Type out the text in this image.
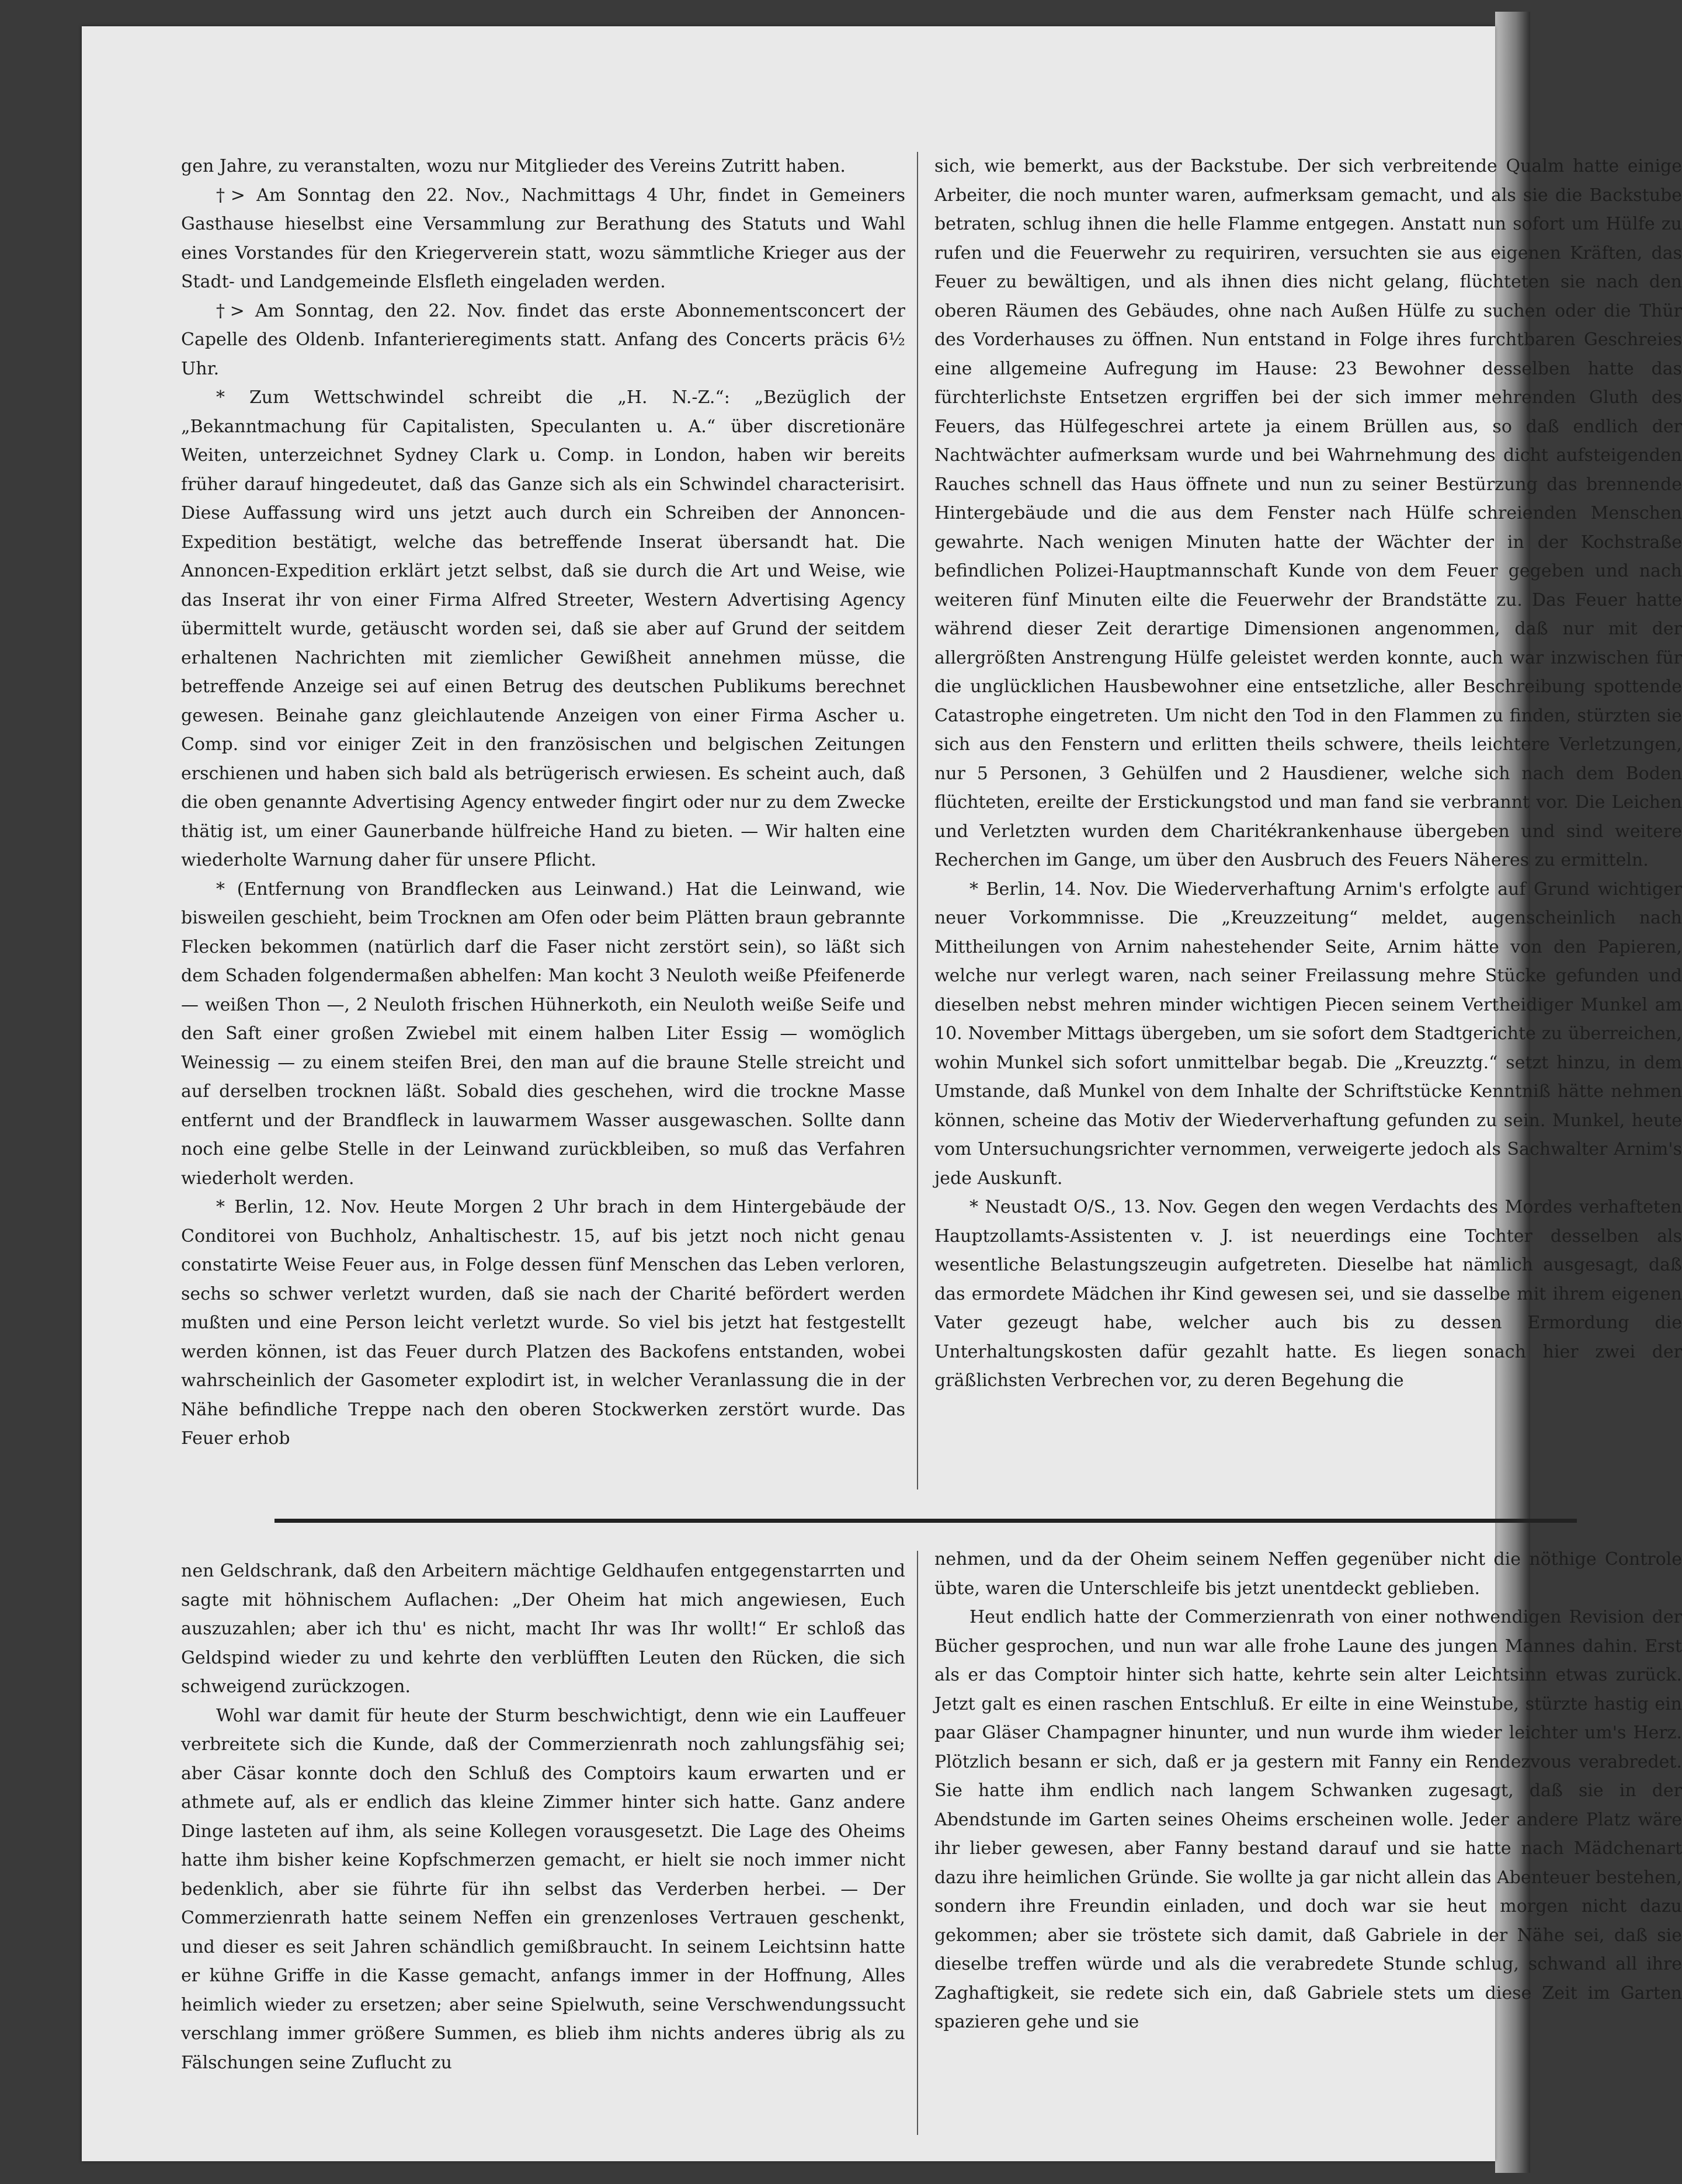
gen Jahre, zu veranstalten, wozu nur Mitglieder des Vereins Zutritt haben.

†> Am Sonntag den 22. Nov., Nachmittags 4 Uhr, findet in Gemeiners Gasthause hieselbst eine Versammlung zur Berathung des Statuts und Wahl eines Vorstandes für den Kriegerverein statt, wozu sämmtliche Krieger aus der Stadt- und Landgemeinde Elsfleth eingeladen werden.

†> Am Sonntag, den 22. Nov. findet das erste Abonnementsconcert der Capelle des Oldenb. Infanterieregiments statt. Anfang des Concerts präcis 6½ Uhr.

* Zum Wettschwindel schreibt die „H. N.-Z.“: „Bezüglich der „Bekanntmachung für Capitalisten, Speculanten u. A.“ über discretionäre Weiten, unterzeichnet Sydney Clark u. Comp. in London, haben wir bereits früher darauf hingedeutet, daß das Ganze sich als ein Schwindel characterisirt. Diese Auffassung wird uns jetzt auch durch ein Schreiben der Annoncen-Expedition bestätigt, welche das betreffende Inserat übersandt hat. Die Annoncen-Expedition erklärt jetzt selbst, daß sie durch die Art und Weise, wie das Inserat ihr von einer Firma Alfred Streeter, Western Advertising Agency übermittelt wurde, getäuscht worden sei, daß sie aber auf Grund der seitdem erhaltenen Nachrichten mit ziemlicher Gewißheit annehmen müsse, die betreffende Anzeige sei auf einen Betrug des deutschen Publikums berechnet gewesen. Beinahe ganz gleichlautende Anzeigen von einer Firma Ascher u. Comp. sind vor einiger Zeit in den französischen und belgischen Zeitungen erschienen und haben sich bald als betrügerisch erwiesen. Es scheint auch, daß die oben genannte Advertising Agency entweder fingirt oder nur zu dem Zwecke thätig ist, um einer Gaunerbande hülfreiche Hand zu bieten. — Wir halten eine wiederholte Warnung daher für unsere Pflicht.

* (Entfernung von Brandflecken aus Leinwand.) Hat die Leinwand, wie bisweilen geschieht, beim Trocknen am Ofen oder beim Plätten braun gebrannte Flecken bekommen (natürlich darf die Faser nicht zerstört sein), so läßt sich dem Schaden folgendermaßen abhelfen: Man kocht 3 Neuloth weiße Pfeifenerde — weißen Thon —, 2 Neuloth frischen Hühnerkoth, ein Neuloth weiße Seife und den Saft einer großen Zwiebel mit einem halben Liter Essig — womöglich Weinessig — zu einem steifen Brei, den man auf die braune Stelle streicht und auf derselben trocknen läßt. Sobald dies geschehen, wird die trockne Masse entfernt und der Brandfleck in lauwarmem Wasser ausgewaschen. Sollte dann noch eine gelbe Stelle in der Leinwand zurückbleiben, so muß das Verfahren wiederholt werden.

* Berlin, 12. Nov. Heute Morgen 2 Uhr brach in dem Hintergebäude der Conditorei von Buchholz, Anhaltischestr. 15, auf bis jetzt noch nicht genau constatirte Weise Feuer aus, in Folge dessen fünf Menschen das Leben verloren, sechs so schwer verletzt wurden, daß sie nach der Charité befördert werden mußten und eine Person leicht verletzt wurde. So viel bis jetzt hat festgestellt werden können, ist das Feuer durch Platzen des Backofens entstanden, wobei wahrscheinlich der Gasometer explodirt ist, in welcher Veranlassung die in der Nähe befindliche Treppe nach den oberen Stockwerken zerstört wurde. Das Feuer erhob

sich, wie bemerkt, aus der Backstube. Der sich verbreitende Qualm hatte einige Arbeiter, die noch munter waren, aufmerksam gemacht, und als sie die Backstube betraten, schlug ihnen die helle Flamme entgegen. Anstatt nun sofort um Hülfe zu rufen und die Feuerwehr zu requiriren, versuchten sie aus eigenen Kräften, das Feuer zu bewältigen, und als ihnen dies nicht gelang, flüchteten sie nach den oberen Räumen des Gebäudes, ohne nach Außen Hülfe zu suchen oder die Thür des Vorderhauses zu öffnen. Nun entstand in Folge ihres furchtbaren Geschreies eine allgemeine Aufregung im Hause: 23 Bewohner desselben hatte das fürchterlichste Entsetzen ergriffen bei der sich immer mehrenden Gluth des Feuers, das Hülfegeschrei artete ja einem Brüllen aus, so daß endlich der Nachtwächter aufmerksam wurde und bei Wahrnehmung des dicht aufsteigenden Rauches schnell das Haus öffnete und nun zu seiner Bestürzung das brennende Hintergebäude und die aus dem Fenster nach Hülfe schreienden Menschen gewahrte. Nach wenigen Minuten hatte der Wächter der in der Kochstraße befindlichen Polizei-Hauptmannschaft Kunde von dem Feuer gegeben und nach weiteren fünf Minuten eilte die Feuerwehr der Brandstätte zu. Das Feuer hatte während dieser Zeit derartige Dimensionen angenommen, daß nur mit der allergrößten Anstrengung Hülfe geleistet werden konnte, auch war inzwischen für die unglücklichen Hausbewohner eine entsetzliche, aller Beschreibung spottende Catastrophe eingetreten. Um nicht den Tod in den Flammen zu finden, stürzten sie sich aus den Fenstern und erlitten theils schwere, theils leichtere Verletzungen, nur 5 Personen, 3 Gehülfen und 2 Hausdiener, welche sich nach dem Boden flüchteten, ereilte der Erstickungstod und man fand sie verbrannt vor. Die Leichen und Verletzten wurden dem Charitékrankenhause übergeben und sind weitere Recherchen im Gange, um über den Ausbruch des Feuers Näheres zu ermitteln.

* Berlin, 14. Nov. Die Wiederverhaftung Arnim's erfolgte auf Grund wichtiger neuer Vorkommnisse. Die „Kreuzzeitung“ meldet, augenscheinlich nach Mittheilungen von Arnim nahestehender Seite, Arnim hätte von den Papieren, welche nur verlegt waren, nach seiner Freilassung mehre Stücke gefunden und dieselben nebst mehren minder wichtigen Piecen seinem Vertheidiger Munkel am 10. November Mittags übergeben, um sie sofort dem Stadtgerichte zu überreichen, wohin Munkel sich sofort unmittelbar begab. Die „Kreuzztg.“ setzt hinzu, in dem Umstande, daß Munkel von dem Inhalte der Schriftstücke Kenntniß hätte nehmen können, scheine das Motiv der Wiederverhaftung gefunden zu sein. Munkel, heute vom Untersuchungsrichter vernommen, verweigerte jedoch als Sachwalter Arnim's jede Auskunft.

* Neustadt O/S., 13. Nov. Gegen den wegen Verdachts des Mordes verhafteten Hauptzollamts-Assistenten v. J. ist neuerdings eine Tochter desselben als wesentliche Belastungszeugin aufgetreten. Dieselbe hat nämlich ausgesagt, daß das ermordete Mädchen ihr Kind gewesen sei, und sie dasselbe mit ihrem eigenen Vater gezeugt habe, welcher auch bis zu dessen Ermordung die Unterhaltungskosten dafür gezahlt hatte. Es liegen sonach hier zwei der gräßlichsten Verbrechen vor, zu deren Begehung die

nen Geldschrank, daß den Arbeitern mächtige Geldhaufen entgegenstarrten und sagte mit höhnischem Auflachen: „Der Oheim hat mich angewiesen, Euch auszuzahlen; aber ich thu' es nicht, macht Ihr was Ihr wollt!“ Er schloß das Geldspind wieder zu und kehrte den verblüfften Leuten den Rücken, die sich schweigend zurückzogen.

Wohl war damit für heute der Sturm beschwichtigt, denn wie ein Lauffeuer verbreitete sich die Kunde, daß der Commerzienrath noch zahlungsfähig sei; aber Cäsar konnte doch den Schluß des Comptoirs kaum erwarten und er athmete auf, als er endlich das kleine Zimmer hinter sich hatte. Ganz andere Dinge lasteten auf ihm, als seine Kollegen vorausgesetzt. Die Lage des Oheims hatte ihm bisher keine Kopfschmerzen gemacht, er hielt sie noch immer nicht bedenklich, aber sie führte für ihn selbst das Verderben herbei. — Der Commerzienrath hatte seinem Neffen ein grenzenloses Vertrauen geschenkt, und dieser es seit Jahren schändlich gemißbraucht. In seinem Leichtsinn hatte er kühne Griffe in die Kasse gemacht, anfangs immer in der Hoffnung, Alles heimlich wieder zu ersetzen; aber seine Spielwuth, seine Verschwendungssucht verschlang immer größere Summen, es blieb ihm nichts anderes übrig als zu Fälschungen seine Zuflucht zu

nehmen, und da der Oheim seinem Neffen gegenüber nicht die nöthige Controle übte, waren die Unterschleife bis jetzt unentdeckt geblieben.

Heut endlich hatte der Commerzienrath von einer nothwendigen Revision der Bücher gesprochen, und nun war alle frohe Laune des jungen Mannes dahin. Erst als er das Comptoir hinter sich hatte, kehrte sein alter Leichtsinn etwas zurück. Jetzt galt es einen raschen Entschluß. Er eilte in eine Weinstube, stürzte hastig ein paar Gläser Champagner hinunter, und nun wurde ihm wieder leichter um's Herz. Plötzlich besann er sich, daß er ja gestern mit Fanny ein Rendezvous verabredet. Sie hatte ihm endlich nach langem Schwanken zugesagt, daß sie in der Abendstunde im Garten seines Oheims erscheinen wolle. Jeder andere Platz wäre ihr lieber gewesen, aber Fanny bestand darauf und sie hatte nach Mädchenart dazu ihre heimlichen Gründe. Sie wollte ja gar nicht allein das Abenteuer bestehen, sondern ihre Freundin einladen, und doch war sie heut morgen nicht dazu gekommen; aber sie tröstete sich damit, daß Gabriele in der Nähe sei, daß sie dieselbe treffen würde und als die verabredete Stunde schlug, schwand all ihre Zaghaftigkeit, sie redete sich ein, daß Gabriele stets um diese Zeit im Garten spazieren gehe und sie
